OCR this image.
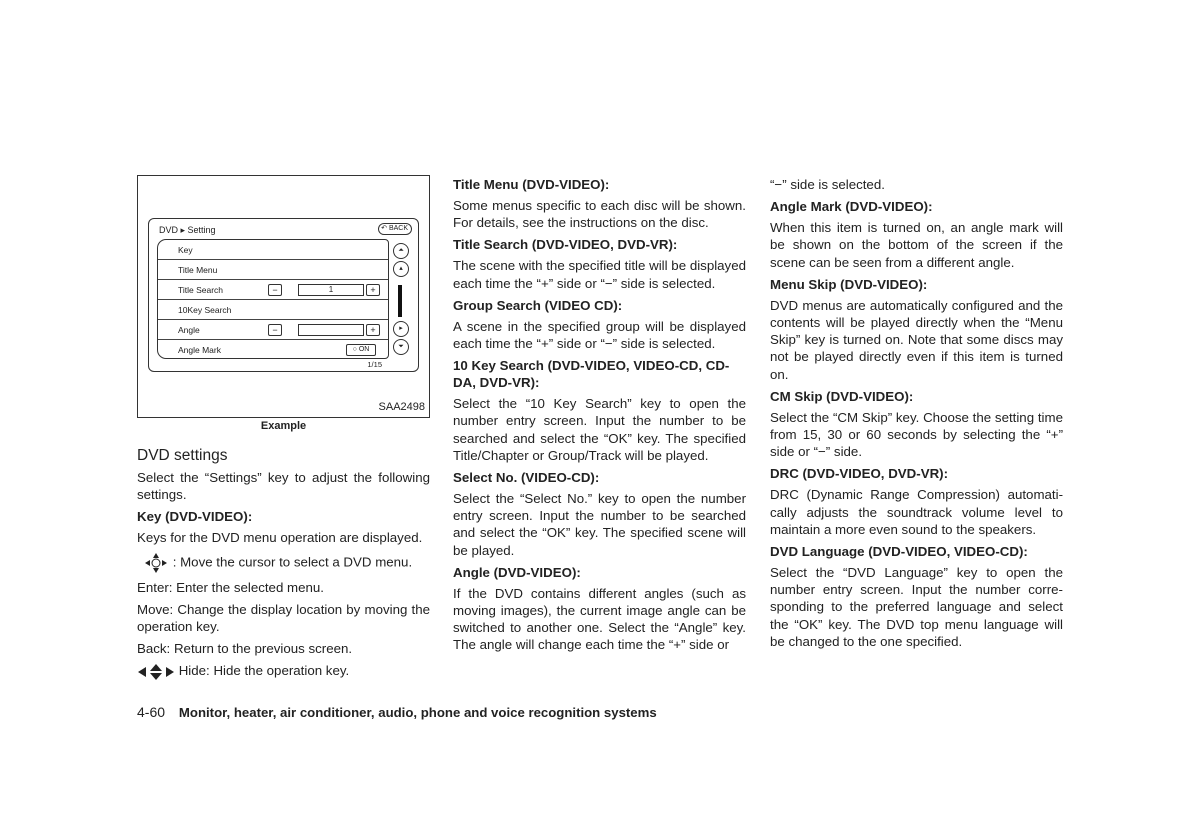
DVD ▸ Setting	↶ BACK
Key
Title Menu
Title Search	−	1	+
10Key Search
Angle	−	+
Angle Mark	○ ON
⏶
▴
▸
⏷
1/15
SAA2498
Example
DVD settings

Select the “Settings” key to adjust the following settings.

Key (DVD-VIDEO):

Keys for the DVD menu operation are displayed.

: Move the cursor to select a DVD menu.

Enter: Enter the selected menu.

Move: Change the display location by moving the operation key.

Back: Return to the previous screen.

Hide: Hide the operation key.

Title Menu (DVD-VIDEO):

Some menus specific to each disc will be shown. For details, see the instructions on the disc.

Title Search (DVD-VIDEO, DVD-VR):

The scene with the specified title will be displayed each time the “+” side or “−” side is selected.

Group Search (VIDEO CD):

A scene in the specified group will be displayed each time the “+” side or “−” side is selected.

10 Key Search (DVD-VIDEO, VIDEO-CD, CD-DA, DVD-VR):

Select the “10 Key Search” key to open the number entry screen. Input the number to be searched and select the “OK” key. The specified Title/Chapter or Group/Track will be played.

Select No. (VIDEO-CD):

Select the “Select No.” key to open the number entry screen. Input the number to be searched and select the “OK” key. The specified scene will be played.

Angle (DVD-VIDEO):

If the DVD contains different angles (such as moving images), the current image angle can be switched to another one. Select the “Angle” key. The angle will change each time the “+” side or

“−” side is selected.

Angle Mark (DVD-VIDEO):

When this item is turned on, an angle mark will be shown on the bottom of the screen if the scene can be seen from a different angle.

Menu Skip (DVD-VIDEO):

DVD menus are automatically configured and the contents will be played directly when the “Menu Skip” key is turned on. Note that some discs may not be played directly even if this item is turned on.

CM Skip (DVD-VIDEO):

Select the “CM Skip” key. Choose the setting time from 15, 30 or 60 seconds by selecting the “+” side or “−” side.

DRC (DVD-VIDEO, DVD-VR):

DRC (Dynamic Range Compression) automati-cally adjusts the soundtrack volume level to maintain a more even sound to the speakers.

DVD Language (DVD-VIDEO, VIDEO-CD):

Select the “DVD Language” key to open the number entry screen. Input the number corre-sponding to the preferred language and select the “OK” key. The DVD top menu language will be changed to the one specified.

4-60 Monitor, heater, air conditioner, audio, phone and voice recognition systems
